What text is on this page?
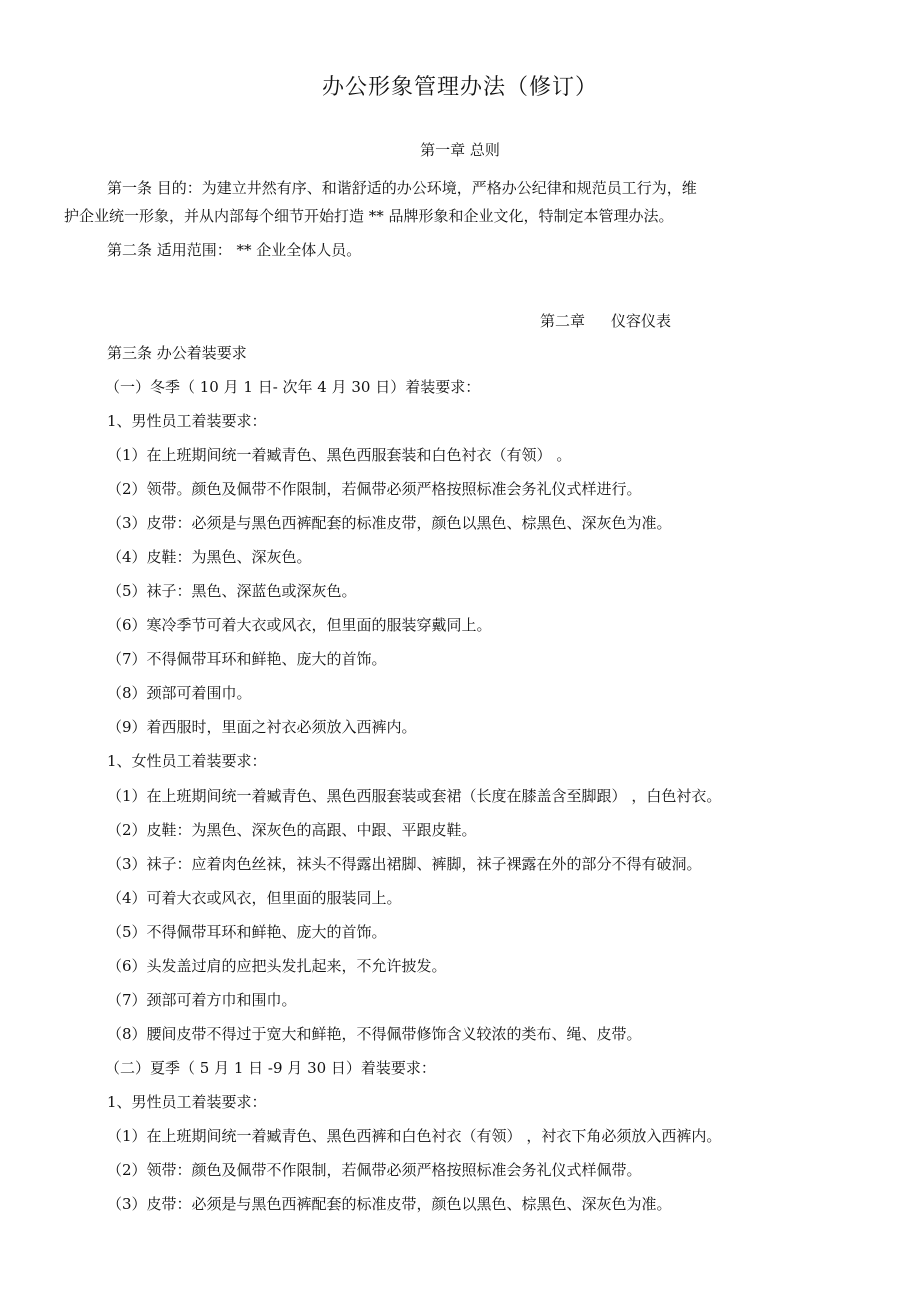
办公形象管理办法（修订）
第一章 总则
第一条 目的：为建立井然有序、和谐舒适的办公环境，严格办公纪律和规范员工行为，维
护企业统一形象，并从内部每个细节开始打造 ** 品牌形象和企业文化，特制定本管理办法。
第二条 适用范围： ** 企业全体人员。
第二章 仪容仪表
第三条 办公着装要求
（一）冬季（ 10 月 1 日- 次年 4 月 30 日）着装要求：
1、男性员工着装要求：
（1）在上班期间统一着臧青色、黑色西服套装和白色衬衣（有领） 。
（2）领带。颜色及佩带不作限制，若佩带必须严格按照标准会务礼仪式样进行。
（3）皮带：必须是与黑色西裤配套的标准皮带，颜色以黑色、棕黑色、深灰色为准。
（4）皮鞋：为黑色、深灰色。
（5）袜子：黑色、深蓝色或深灰色。
（6）寒冷季节可着大衣或风衣，但里面的服装穿戴同上。
（7）不得佩带耳环和鲜艳、庞大的首饰。
（8）颈部可着围巾。
（9）着西服时，里面之衬衣必须放入西裤内。
1、女性员工着装要求：
（1）在上班期间统一着臧青色、黑色西服套装或套裙（长度在膝盖含至脚跟） ，白色衬衣。
（2）皮鞋：为黑色、深灰色的高跟、中跟、平跟皮鞋。
（3）袜子：应着肉色丝袜，袜头不得露出裙脚、裤脚，袜子裸露在外的部分不得有破洞。
（4）可着大衣或风衣，但里面的服装同上。
（5）不得佩带耳环和鲜艳、庞大的首饰。
（6）头发盖过肩的应把头发扎起来，不允许披发。
（7）颈部可着方巾和围巾。
（8）腰间皮带不得过于宽大和鲜艳，不得佩带修饰含义较浓的类布、绳、皮带。
（二）夏季（ 5 月 1 日 -9 月 30 日）着装要求：
1、男性员工着装要求：
（1）在上班期间统一着臧青色、黑色西裤和白色衬衣（有领） ，衬衣下角必须放入西裤内。
（2）领带：颜色及佩带不作限制，若佩带必须严格按照标准会务礼仪式样佩带。
（3）皮带：必须是与黑色西裤配套的标准皮带，颜色以黑色、棕黑色、深灰色为准。
